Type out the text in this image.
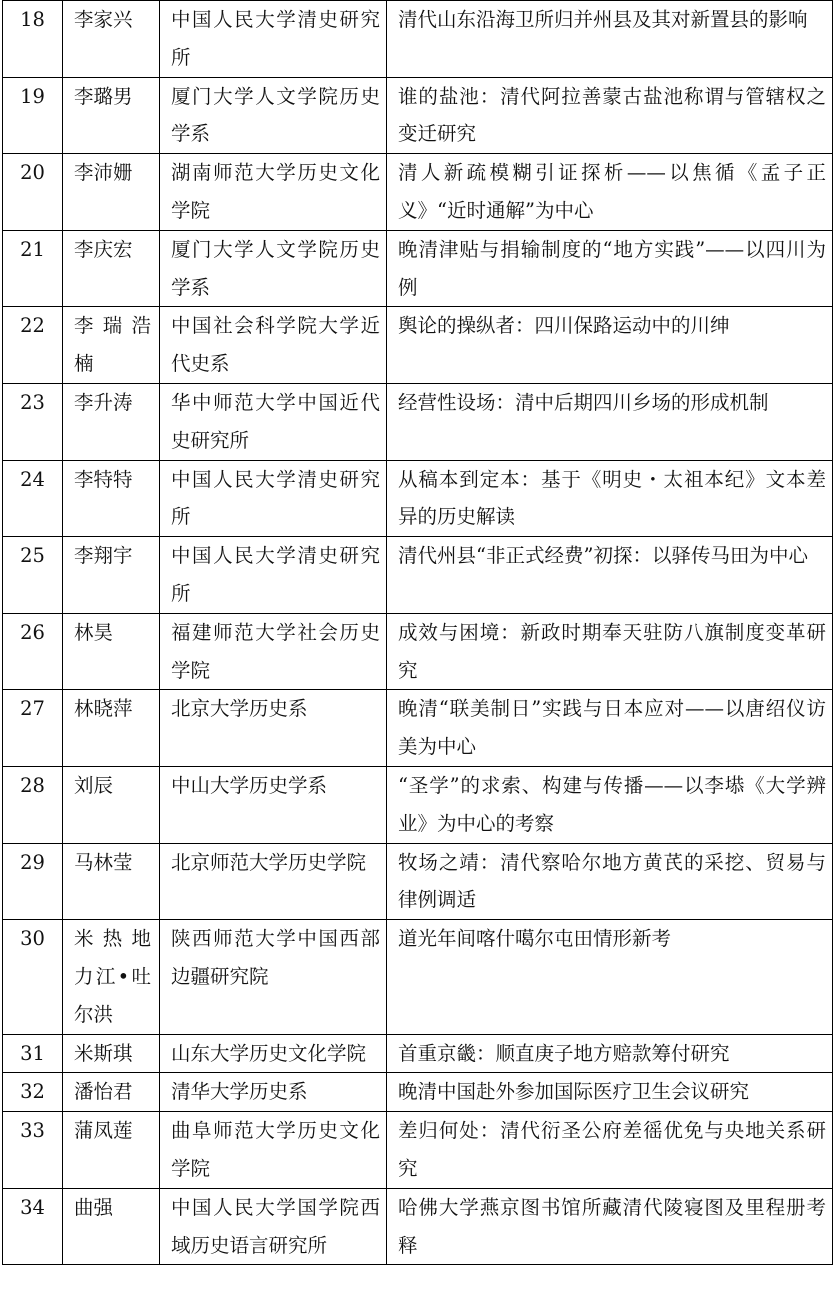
18	李家兴	中国人民大学清史研究所	清代山东沿海卫所归并州县及其对新置县的影响
19	李璐男	厦门大学人文学院历史学系	谁的盐池：清代阿拉善蒙古盐池称谓与管辖权之变迁研究
20	李沛姗	湖南师范大学历史文化学院	清人新疏模糊引证探析——以焦循《孟子正义》“近时通解”为中心
21	李庆宏	厦门大学人文学院历史学系	晚清津贴与捐输制度的“地方实践”——以四川为例
22	李瑞浩楠	中国社会科学院大学近代史系	舆论的操纵者：四川保路运动中的川绅
23	李升涛	华中师范大学中国近代史研究所	经营性设场：清中后期四川乡场的形成机制
24	李特特	中国人民大学清史研究所	从稿本到定本：基于《明史・太祖本纪》文本差异的历史解读
25	李翔宇	中国人民大学清史研究所	清代州县“非正式经费”初探：以驿传马田为中心
26	林昊	福建师范大学社会历史学院	成效与困境：新政时期奉天驻防八旗制度变革研究
27	林晓萍	北京大学历史系	晚清“联美制日”实践与日本应对——以唐绍仪访美为中心
28	刘辰	中山大学历史学系	“圣学”的求索、构建与传播——以李塨《大学辨业》为中心的考察
29	马林莹	北京师范大学历史学院	牧场之靖：清代察哈尔地方黄芪的采挖、贸易与律例调适
30	米热地力江•吐尔洪	陕西师范大学中国西部边疆研究院	道光年间喀什噶尔屯田情形新考
31	米斯琪	山东大学历史文化学院	首重京畿：顺直庚子地方赔款筹付研究
32	潘怡君	清华大学历史系	晚清中国赴外参加国际医疗卫生会议研究
33	蒲凤莲	曲阜师范大学历史文化学院	差归何处：清代衍圣公府差徭优免与央地关系研究
34	曲强	中国人民大学国学院西域历史语言研究所	哈佛大学燕京图书馆所藏清代陵寝图及里程册考释
